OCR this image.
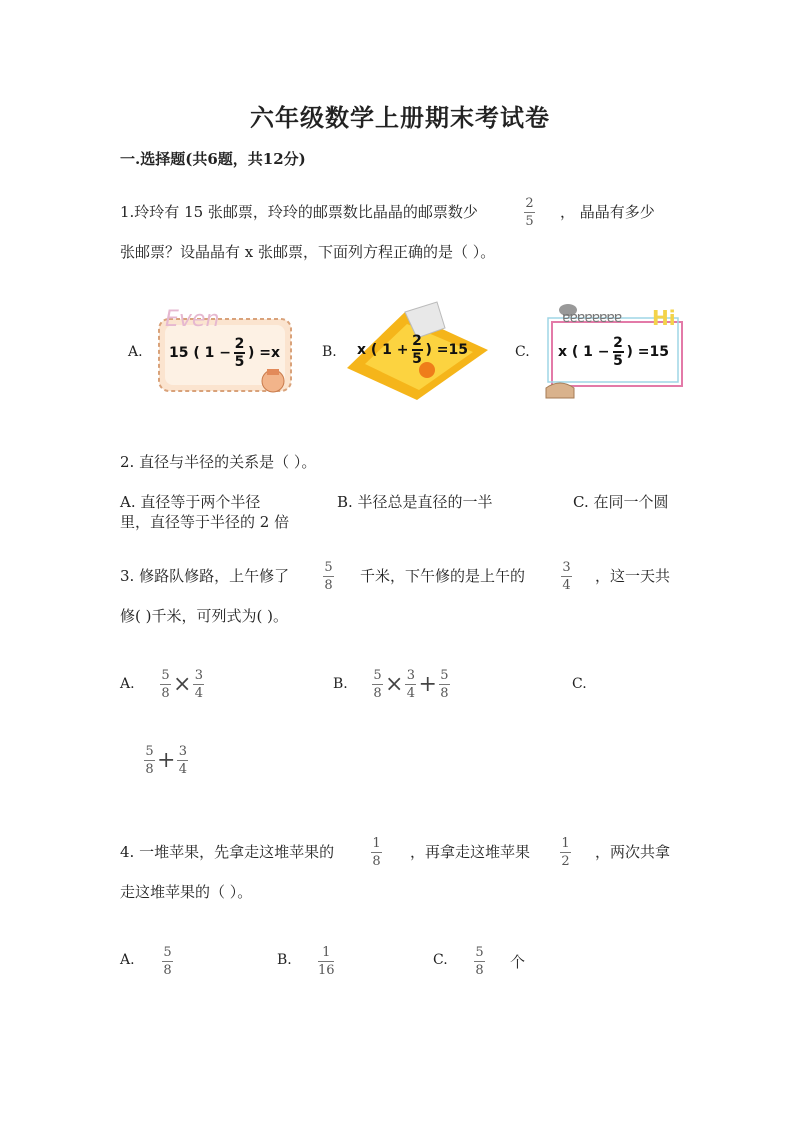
六年级数学上册期末考试卷
一.选择题(共6题，共12分)
1.玲玲有 15 张邮票，玲玲的邮票数比晶晶的邮票数少	2
5
， 晶晶有多少
张邮票？设晶晶有 x 张邮票，下面列方程正确的是（ ）。
A.
Even
15 ( 1 −
2
5
) =x	B. x ( 1 +
2
5
) =15	C.
ɐɐɐɐɐɐɐɐ Hi
x ( 1 −
2
5
) =15
2. 直径与半径的关系是（ ）。
A. 直径等于两个半径	B. 半径总是直径的一半	C. 在同一个圆
里，直径等于半径的 2 倍
3. 修路队修路，上午修了	5
8
千米，下午修的是上午的	3
4
，这一天共
修( )千米，可列式为( )。
A. $\frac{5}{8} \times \frac{3}{4}$	B. $\frac{5}{8} \times \frac{3}{4} + \frac{5}{8}$	C.
$\frac{5}{8} + \frac{3}{4}$
4. 一堆苹果，先拿走这堆苹果的	1
8
，再拿走这堆苹果 1
2
，两次共拿
走这堆苹果的（ ）。
A. 5
8
B. 1
16
C. 5
8 个
